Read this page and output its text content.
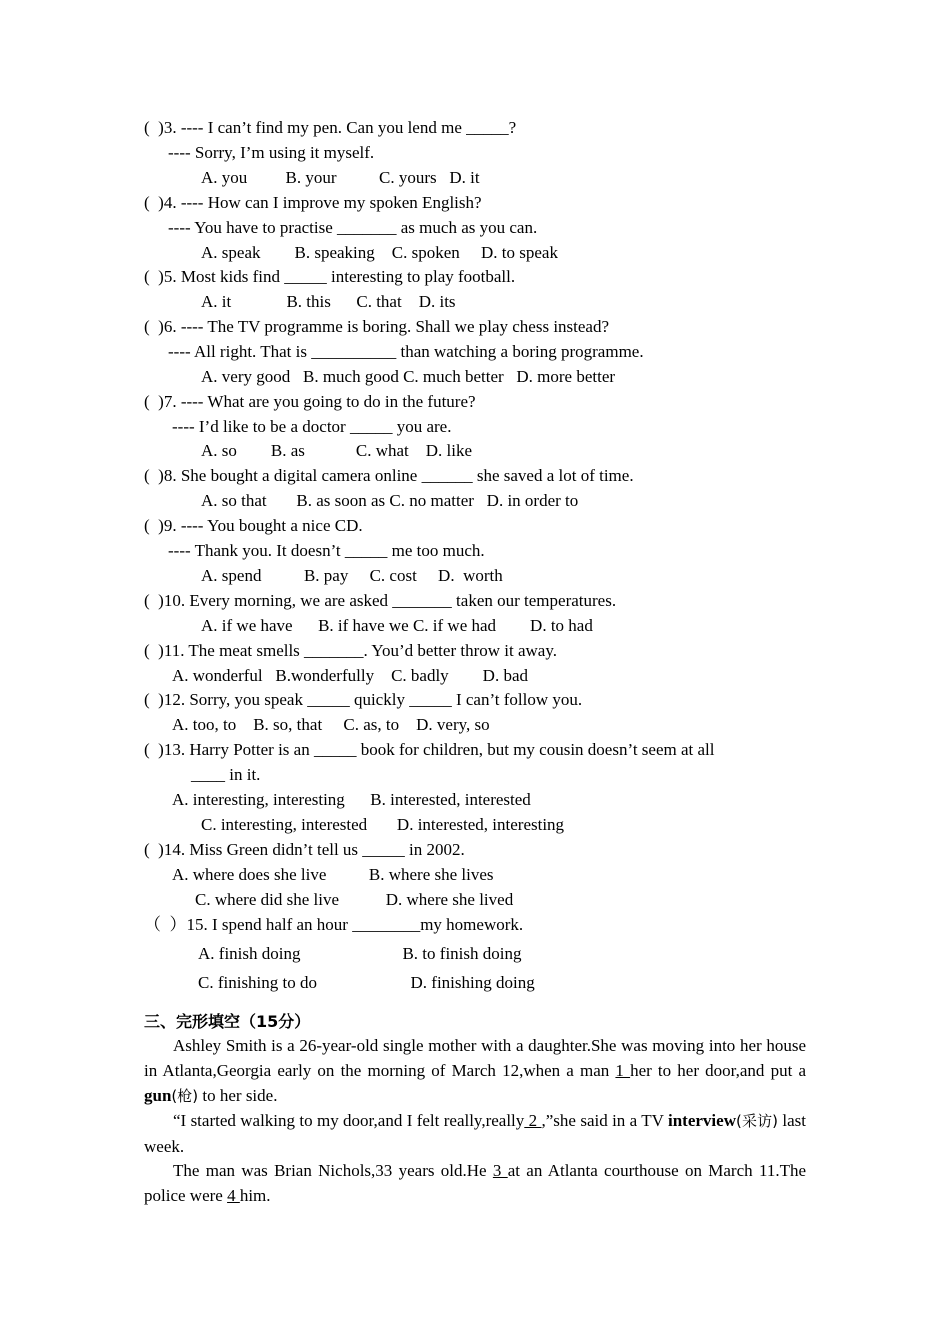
(  )3. ---- I can’t find my pen. Can you lend me _____?
---- Sorry, I’m using it myself.
A. you         B. your          C. yours   D. it
(  )4. ---- How can I improve my spoken English?
---- You have to practise _______ as much as you can.
A. speak        B. speaking    C. spoken     D. to speak
(  )5. Most kids find _____ interesting to play football.
A. it             B. this      C. that    D. its
(  )6. ---- The TV programme is boring. Shall we play chess instead?
---- All right. That is __________ than watching a boring programme.
A. very good   B. much good C. much better   D. more better
(  )7. ---- What are you going to do in the future?
---- I’d like to be a doctor _____ you are.
A. so        B. as            C. what    D. like
(  )8. She bought a digital camera online ______ she saved a lot of time.
A. so that       B. as soon as C. no matter   D. in order to
(  )9. ---- You bought a nice CD.
---- Thank you. It doesn’t _____ me too much.
A. spend          B. pay     C. cost     D.  worth
(  )10. Every morning, we are asked _______ taken our temperatures.
A. if we have      B. if have we C. if we had        D. to had
(  )11. The meat smells _______. You’d better throw it away.
A. wonderful   B.wonderfully    C. badly        D. bad
(  )12. Sorry, you speak _____ quickly _____ I can’t follow you.
A. too, to    B. so, that     C. as, to    D. very, so
(  )13. Harry Potter is an _____ book for children, but my cousin doesn’t seem at all
____ in it.
A. interesting, interesting      B. interested, interested
C. interesting, interested       D. interested, interesting
(  )14. Miss Green didn’t tell us _____ in 2002.
A. where does she live          B. where she lives
C. where did she live           D. where she lived
（  ）15. I spend half an hour ________my homework.
A. finish doing                        B. to finish doing
C. finishing to do                      D. finishing doing
三、完形填空（15分）
Ashley Smith is a 26-year-old single mother with a daughter.She was moving into her house in Atlanta,Georgia early on the morning of March 12,when a man 1 her to her door,and put a gun(枪) to her side.
“I started walking to my door,and I felt really,really 2 ,”she said in a TV interview(采访) last week.
The man was Brian Nichols,33 years old.He 3 at an Atlanta courthouse on March 11.The police were 4 him.
